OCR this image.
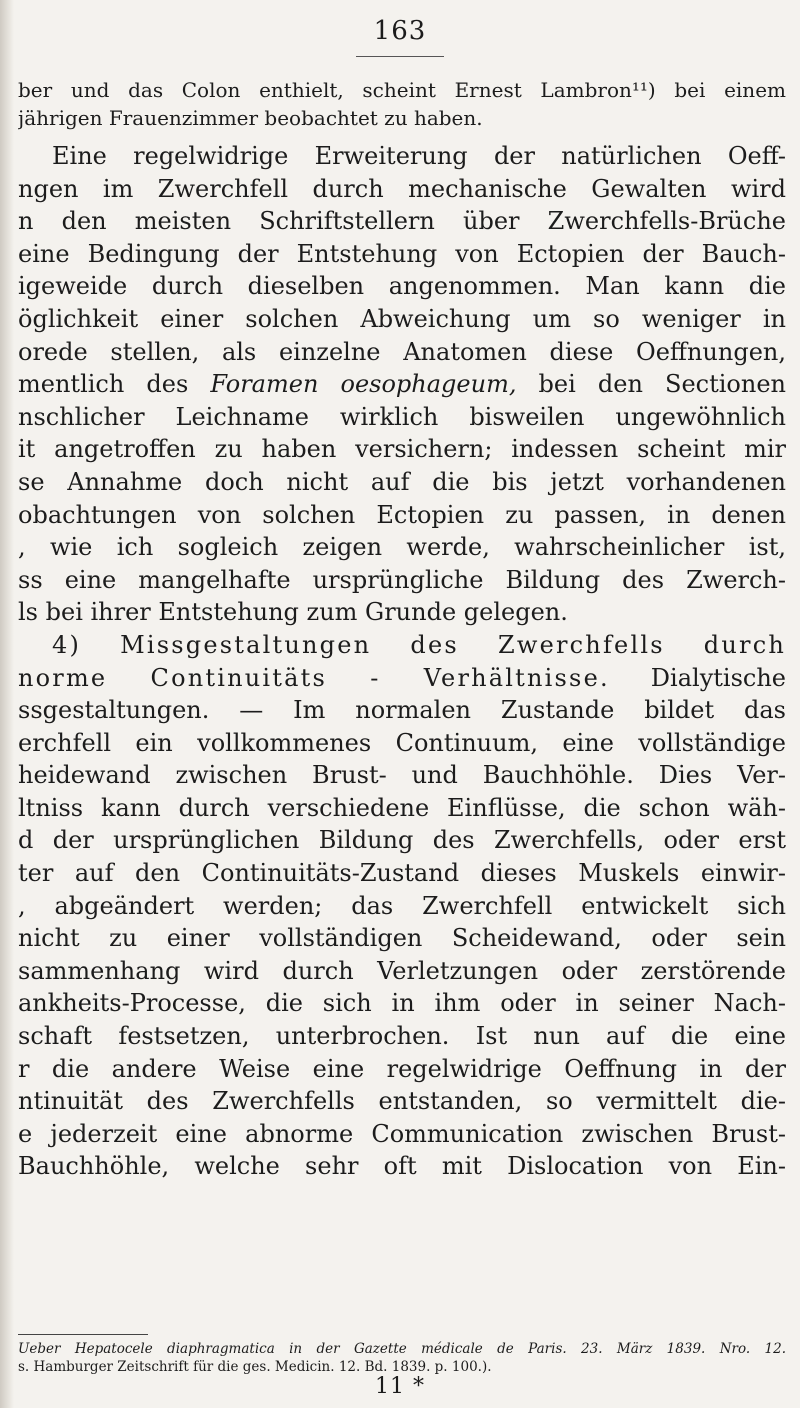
163
ber und das Colon enthielt, scheint Ernest Lambron¹¹) bei einem
jährigen Frauenzimmer beobachtet zu haben.
Eine regelwidrige Erweiterung der natürlichen Oeff-
ngen im Zwerchfell durch mechanische Gewalten wird
n den meisten Schriftstellern über Zwerchfells-Brüche
eine Bedingung der Entstehung von Ectopien der Bauch-
igeweide durch dieselben angenommen. Man kann die
öglichkeit einer solchen Abweichung um so weniger in
orede stellen, als einzelne Anatomen diese Oeffnungen,
mentlich des Foramen oesophageum, bei den Sectionen
nschlicher Leichname wirklich bisweilen ungewöhnlich
it angetroffen zu haben versichern; indessen scheint mir
se Annahme doch nicht auf die bis jetzt vorhandenen
obachtungen von solchen Ectopien zu passen, in denen
, wie ich sogleich zeigen werde, wahrscheinlicher ist,
ss eine mangelhafte ursprüngliche Bildung des Zwerch-
ls bei ihrer Entstehung zum Grunde gelegen.
4) Missgestaltungen des Zwerchfells durch
norme Continuitäts - Verhältnisse. Dialytische
ssgestaltungen. — Im normalen Zustande bildet das
erchfell ein vollkommenes Continuum, eine vollständige
heidewand zwischen Brust- und Bauchhöhle. Dies Ver-
ltniss kann durch verschiedene Einflüsse, die schon wäh-
d der ursprünglichen Bildung des Zwerchfells, oder erst
ter auf den Continuitäts-Zustand dieses Muskels einwir-
, abgeändert werden; das Zwerchfell entwickelt sich
nicht zu einer vollständigen Scheidewand, oder sein
sammenhang wird durch Verletzungen oder zerstörende
ankheits-Processe, die sich in ihm oder in seiner Nach-
schaft festsetzen, unterbrochen. Ist nun auf die eine
r die andere Weise eine regelwidrige Oeffnung in der
ntinuität des Zwerchfells entstanden, so vermittelt die-
e jederzeit eine abnorme Communication zwischen Brust-
Bauchhöhle, welche sehr oft mit Dislocation von Ein-
Ueber Hepatocele diaphragmatica in der Gazette médicale de Paris. 23. März 1839. Nro. 12.
s. Hamburger Zeitschrift für die ges. Medicin. 12. Bd. 1839. p. 100.).
11 *
